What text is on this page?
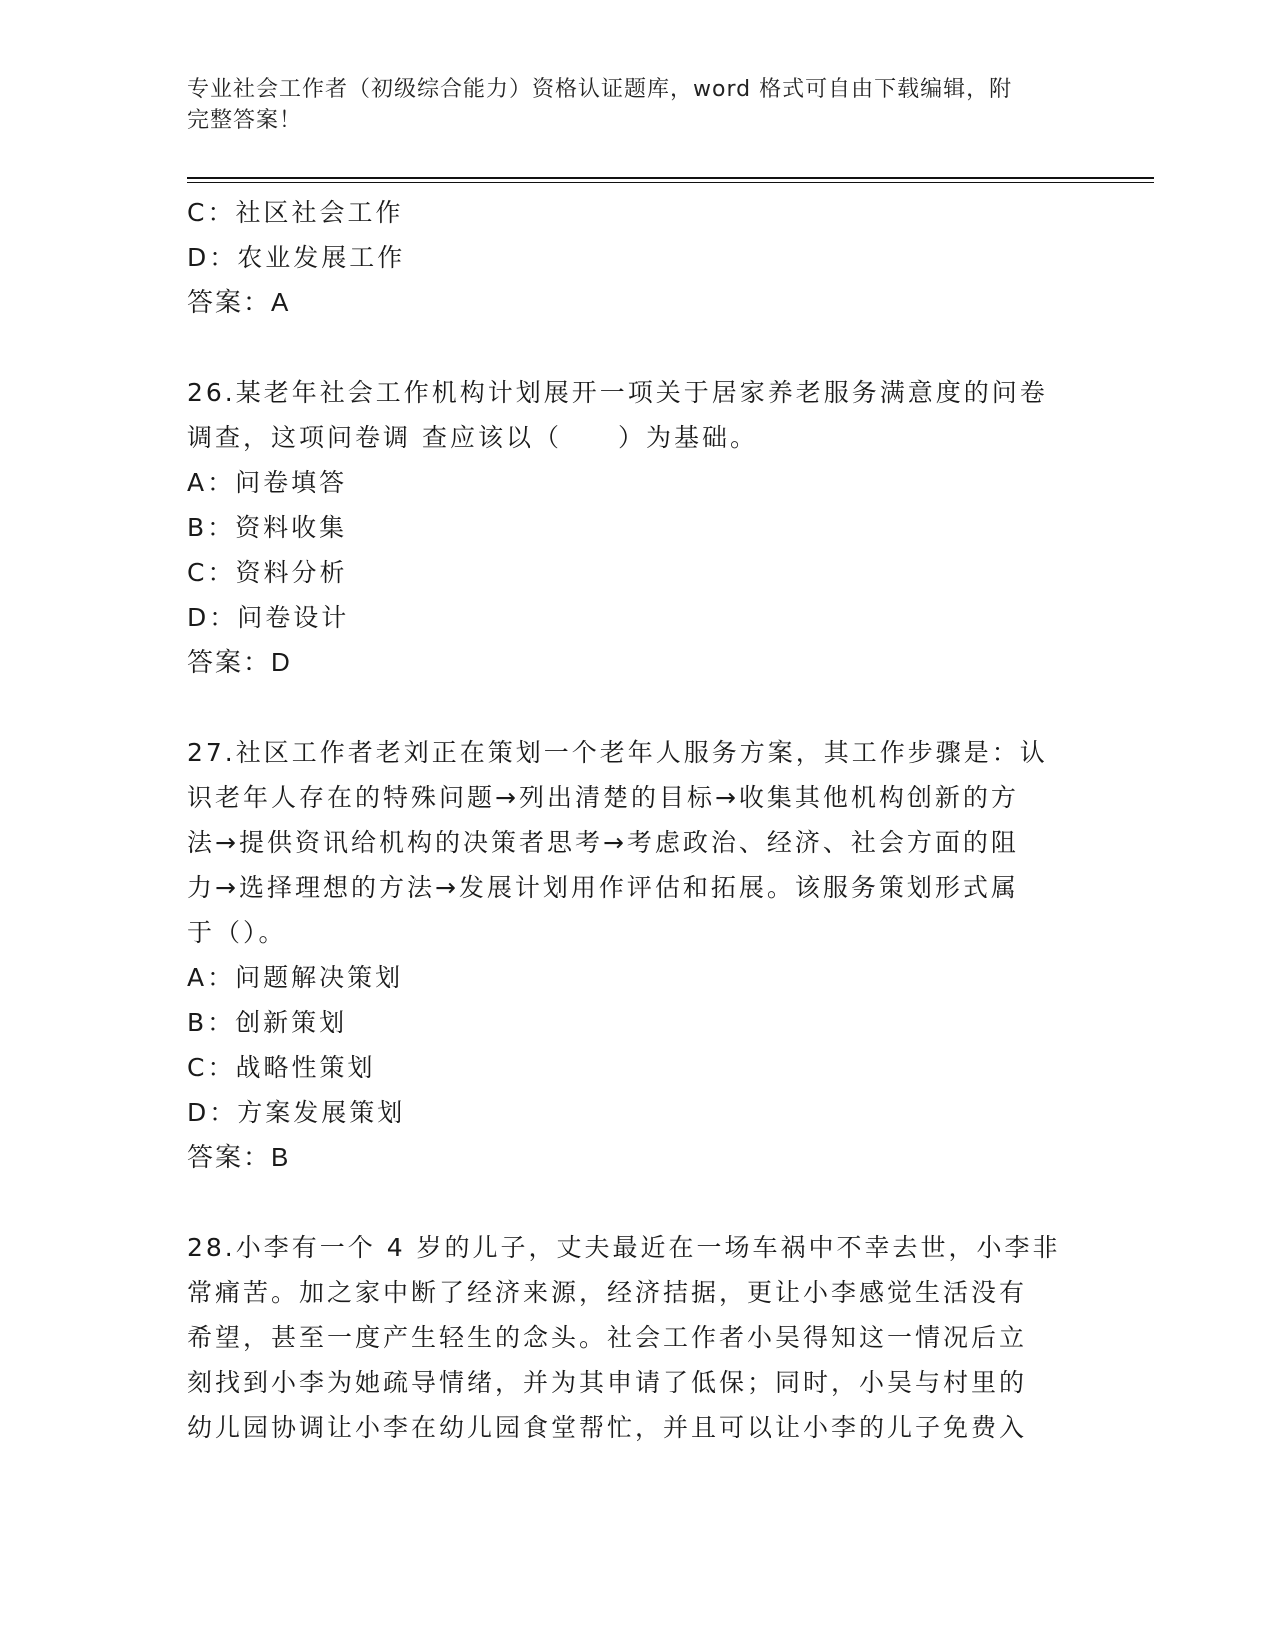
专业社会工作者（初级综合能力）资格认证题库，word 格式可自由下载编辑，附
完整答案！
C：社区社会工作
D：农业发展工作
答案：A
26.某老年社会工作机构计划展开一项关于居家养老服务满意度的问卷
调查，这项问卷调 查应该以（　　）为基础。
A：问卷填答
B：资料收集
C：资料分析
D：问卷设计
答案：D
27.社区工作者老刘正在策划一个老年人服务方案，其工作步骤是：认
识老年人存在的特殊问题→列出清楚的目标→收集其他机构创新的方
法→提供资讯给机构的决策者思考→考虑政治、经济、社会方面的阻
力→选择理想的方法→发展计划用作评估和拓展。该服务策划形式属
于（）。
A：问题解决策划
B：创新策划
C：战略性策划
D：方案发展策划
答案：B
28.小李有一个 4 岁的儿子，丈夫最近在一场车祸中不幸去世，小李非
常痛苦。加之家中断了经济来源，经济拮据，更让小李感觉生活没有
希望，甚至一度产生轻生的念头。社会工作者小吴得知这一情况后立
刻找到小李为她疏导情绪，并为其申请了低保；同时，小吴与村里的
幼儿园协调让小李在幼儿园食堂帮忙，并且可以让小李的儿子免费入
